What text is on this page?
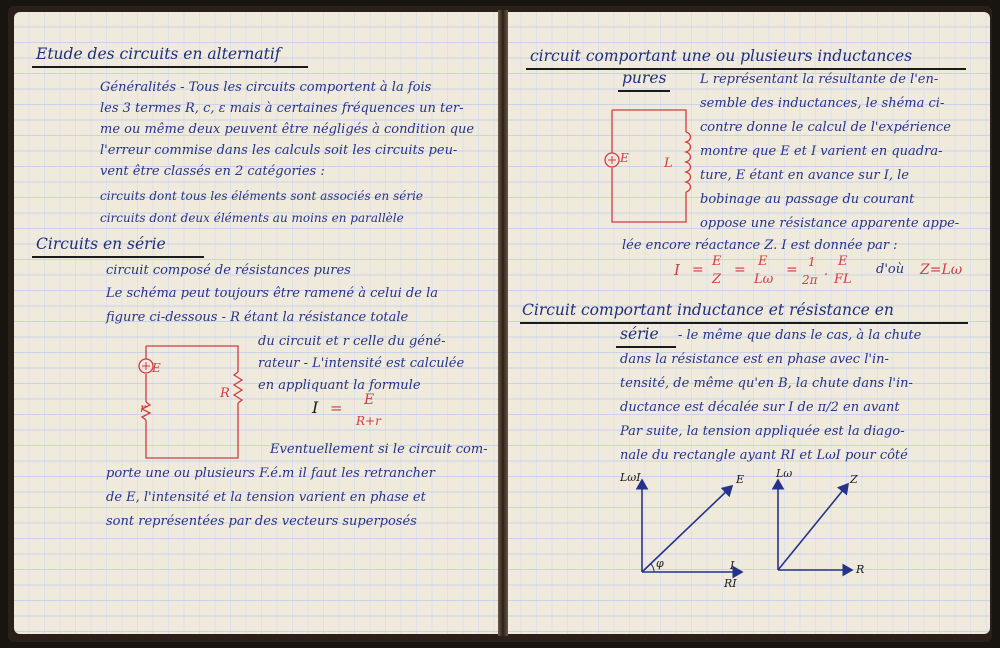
Etude des circuits en alternatif
Généralités - Tous les circuits comportent à la fois
les 3 termes R, c, ε mais à certaines fréquences un ter-
me ou même deux peuvent être négligés à condition que
l'erreur commise dans les calculs soit les circuits peu-
vent être classés en 2 catégories :
circuits dont tous les éléments sont associés en série
circuits dont deux éléments au moins en parallèle
Circuits en série
circuit composé de résistances pures
Le schéma peut toujours être ramené à celui de la
figure ci-dessous - R étant la résistance totale
du circuit et r celle du géné-
rateur - L'intensité est calculée
en appliquant la formule
I = E
R+r
Eventuellement si le circuit com-
porte une ou plusieurs F.é.m il faut les retrancher
de E, l'intensité et la tension varient en phase et
sont représentées par des vecteurs superposés
E
r
R
circuit comportant une ou plusieurs inductances
pures	L représentant la résultante de l'en-
semble des inductances, le shéma ci-
contre donne le calcul de l'expérience
montre que E et I varient en quadra-
ture, E étant en avance sur I, le
bobinage au passage du courant
oppose une résistance apparente appe-
lée encore réactance Z. I est donnée par :
E	L
I =
E
Z
=
E
Lω
= 1
2π
.
E
FL
d'où Z=Lω
Circuit comportant inductance et résistance en
série - le même que dans le cas, à la chute
dans la résistance est en phase avec l'in-
tensité, de même qu'en B, la chute dans l'in-
ductance est décalée sur I de π/2 en avant
Par suite, la tension appliquée est la diago-
nale du rectangle ayant RI et LωI pour côté
LωI	E
I
φ
RI
Lω	Z
R
